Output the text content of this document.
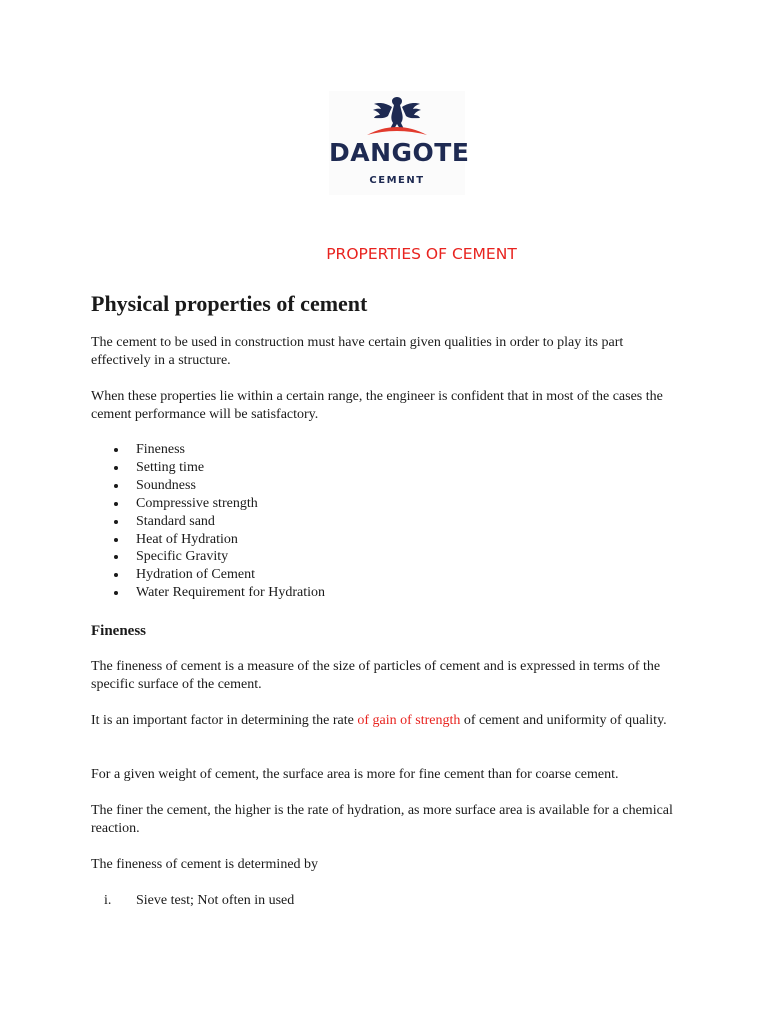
DANGOTE
CEMENT
PROPERTIES OF CEMENT
Physical properties of cement

The cement to be used in construction must have certain given qualities in order to play its part effectively in a structure.

When these properties lie within a certain range, the engineer is confident that in most of the cases the cement performance will be satisfactory.

Fineness
Setting time
Soundness
Compressive strength
Standard sand
Heat of Hydration
Specific Gravity
Hydration of Cement
Water Requirement for Hydration
Fineness

The fineness of cement is a measure of the size of particles of cement and is expressed in terms of the specific surface of the cement.

It is an important factor in determining the rate of gain of strength of cement and uniformity of quality.

For a given weight of cement, the surface area is more for fine cement than for coarse cement.

The finer the cement, the higher is the rate of hydration, as more surface area is available for a chemical reaction.

The fineness of cement is determined by

i. Sieve test; Not often in used
